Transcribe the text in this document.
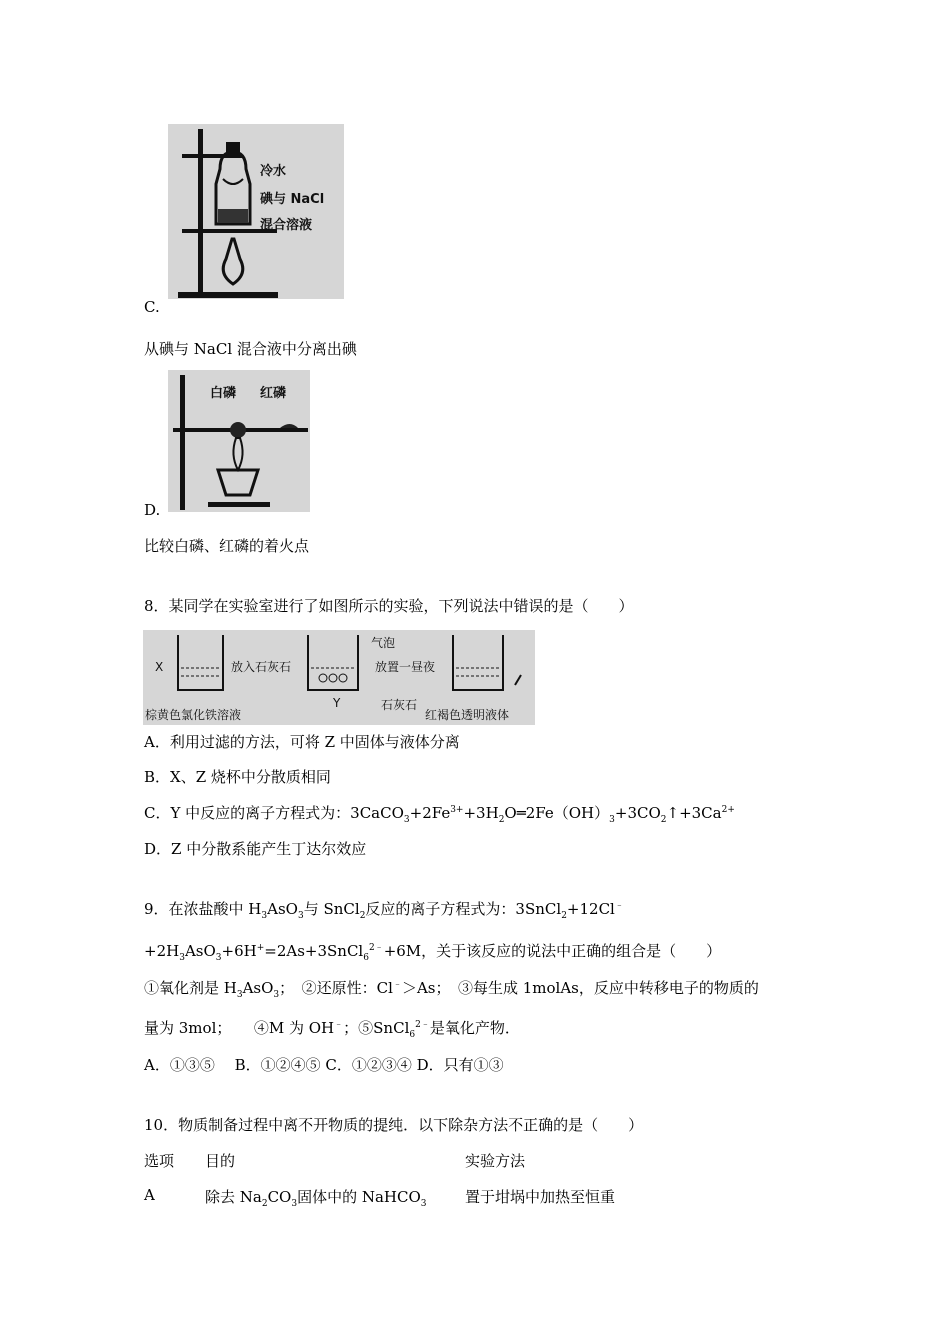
冷水
碘与 NaCl
混合溶液
C.
从碘与 NaCl 混合液中分离出碘
白磷 红磷
D.
比较白磷、红磷的着火点
8．某同学在实验室进行了如图所示的实验，下列说法中错误的是（　　）
X	放入石灰石
气泡
放置一昼夜
Y	石灰石
棕黄色氯化铁溶液	红褐色透明液体
A．利用过滤的方法，可将 Z 中固体与液体分离
B．X、Z 烧杯中分散质相同
C．Y 中反应的离子方程式为：$3CaCO_3+2Fe^{3+}+3H_2O═2Fe(OH)_3+3CO_2↑+3Ca^{2+}$
D．Z 中分散系能产生丁达尔效应
9．在浓盐酸中 $H_3AsO_3$与 SnCl$_2$反应的离子方程式为：3SnCl$_2$+12Cl﹣
$+2H_3AsO_3+6H^+=2As+3SnCl_6^{2﹣}+6M$，关于该反应的说法中正确的组合是（　　）
①氧化剂是 $H_3AsO_3$；　②还原性：Cl﹣＞As；　③每生成 1molAs，反应中转移电子的物质的
量为 3mol；　　④M 为 OH﹣；⑤SnCl$_6^{2﹣}$是氧化产物．
A．①③⑤　 B．①②④⑤ C．①②③④ D．只有①③
10．物质制备过程中离不开物质的提纯．以下除杂方法不正确的是（　　）
选项 目的	实验方法
A	除去 $Na_2CO_3$固体中的 NaHCO$_3$	置于坩埚中加热至恒重
